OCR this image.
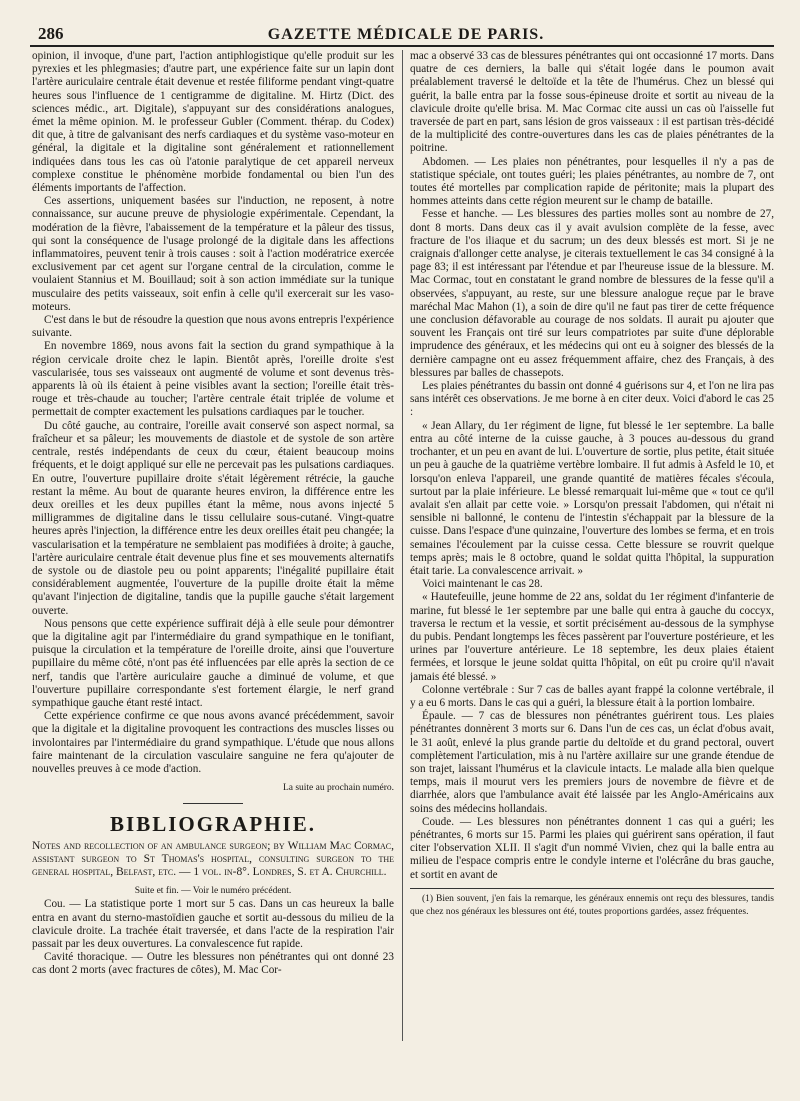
286	GAZETTE MÉDICALE DE PARIS.

opinion, il invoque, d'une part, l'action antiphlogistique qu'elle produit sur les pyrexies et les phlegmasies; d'autre part, une expérience faite sur un lapin dont l'artère auriculaire centrale était devenue et restée filiforme pendant vingt-quatre heures sous l'influence de 1 centigramme de digitaline. M. Hirtz (Dict. des sciences médic., art. Digitale), s'appuyant sur des considérations analogues, émet la même opinion. M. le professeur Gubler (Comment. thérap. du Codex) dit que, à titre de galvanisant des nerfs cardiaques et du système vaso-moteur en général, la digitale et la digitaline sont généralement et rationnellement indiquées dans tous les cas où l'atonie paralytique de cet appareil nerveux complexe constitue le phénomène morbide fondamental ou bien l'un des éléments importants de l'affection.

Ces assertions, uniquement basées sur l'induction, ne reposent, à notre connaissance, sur aucune preuve de physiologie expérimentale. Cependant, la modération de la fièvre, l'abaissement de la température et la pâleur des tissus, qui sont la conséquence de l'usage prolongé de la digitale dans les affections inflammatoires, peuvent tenir à trois causes : soit à l'action modératrice exercée exclusivement par cet agent sur l'organe central de la circulation, comme le voulaient Stannius et M. Bouillaud; soit à son action immédiate sur la tunique musculaire des petits vaisseaux, soit enfin à celle qu'il exercerait sur les vaso-moteurs.

C'est dans le but de résoudre la question que nous avons entrepris l'expérience suivante.

En novembre 1869, nous avons fait la section du grand sympathique à la région cervicale droite chez le lapin. Bientôt après, l'oreille droite s'est vascularisée, tous ses vaisseaux ont augmenté de volume et sont devenus très-apparents là où ils étaient à peine visibles avant la section; l'oreille était très-rouge et très-chaude au toucher; l'artère centrale était triplée de volume et permettait de compter exactement les pulsations cardiaques par le toucher.

Du côté gauche, au contraire, l'oreille avait conservé son aspect normal, sa fraîcheur et sa pâleur; les mouvements de diastole et de systole de son artère centrale, restés indépendants de ceux du cœur, étaient beaucoup moins fréquents, et le doigt appliqué sur elle ne percevait pas les pulsations cardiaques. En outre, l'ouverture pupillaire droite s'était légèrement rétrécie, la gauche restant la même. Au bout de quarante heures environ, la différence entre les deux oreilles et les deux pupilles étant la même, nous avons injecté 5 milligrammes de digitaline dans le tissu cellulaire sous-cutané. Vingt-quatre heures après l'injection, la différence entre les deux oreilles était peu changée; la vascularisation et la température ne semblaient pas modifiées à droite; à gauche, l'artère auriculaire centrale était devenue plus fine et ses mouvements alternatifs de systole ou de diastole peu ou point apparents; l'inégalité pupillaire était considérablement augmentée, l'ouverture de la pupille droite était la même qu'avant l'injection de digitaline, tandis que la pupille gauche s'était largement ouverte.

Nous pensons que cette expérience suffirait déjà à elle seule pour démontrer que la digitaline agit par l'intermédiaire du grand sympathique en le tonifiant, puisque la circulation et la température de l'oreille droite, ainsi que l'ouverture pupillaire du même côté, n'ont pas été influencées par elle après la section de ce nerf, tandis que l'artère auriculaire gauche a diminué de volume, et que l'ouverture pupillaire correspondante s'est fortement élargie, le nerf grand sympathique gauche étant resté intact.

Cette expérience confirme ce que nous avons avancé précédemment, savoir que la digitale et la digitaline provoquent les contractions des muscles lisses ou involontaires par l'intermédiaire du grand sympathique. L'étude que nous allons faire maintenant de la circulation vasculaire sanguine ne fera qu'ajouter de nouvelles preuves à ce mode d'action.

La suite au prochain numéro.

BIBLIOGRAPHIE.

Notes and recollection of an ambulance surgeon; by William Mac Cormac, assistant surgeon to St Thomas's hospital, consulting surgeon to the general hospital, Belfast, etc. — 1 vol. in-8°. Londres, S. et A. Churchill.

Suite et fin. — Voir le numéro précédent.

Cou. — La statistique porte 1 mort sur 5 cas. Dans un cas heureux la balle entra en avant du sterno-mastoïdien gauche et sortit au-dessous du milieu de la clavicule droite. La trachée était traversée, et dans l'acte de la respiration l'air passait par les deux ouvertures. La convalescence fut rapide.

Cavité thoracique. — Outre les blessures non pénétrantes qui ont donné 23 cas dont 2 morts (avec fractures de côtes), M. Mac Cor-

mac a observé 33 cas de blessures pénétrantes qui ont occasionné 17 morts. Dans quatre de ces derniers, la balle qui s'était logée dans le poumon avait préalablement traversé le deltoïde et la tête de l'humérus. Chez un blessé qui guérit, la balle entra par la fosse sous-épineuse droite et sortit au niveau de la clavicule droite qu'elle brisa. M. Mac Cormac cite aussi un cas où l'aisselle fut traversée de part en part, sans lésion de gros vaisseaux : il est partisan très-décidé de la multiplicité des contre-ouvertures dans les cas de plaies pénétrantes de la poitrine.

Abdomen. — Les plaies non pénétrantes, pour lesquelles il n'y a pas de statistique spéciale, ont toutes guéri; les plaies pénétrantes, au nombre de 7, ont toutes été mortelles par complication rapide de péritonite; mais la plupart des hommes atteints dans cette région meurent sur le champ de bataille.

Fesse et hanche. — Les blessures des parties molles sont au nombre de 27, dont 8 morts. Dans deux cas il y avait avulsion complète de la fesse, avec fracture de l'os iliaque et du sacrum; un des deux blessés est mort. Si je ne craignais d'allonger cette analyse, je citerais textuellement le cas 34 consigné à la page 83; il est intéressant par l'étendue et par l'heureuse issue de la blessure. M. Mac Cormac, tout en constatant le grand nombre de blessures de la fesse qu'il a observées, s'appuyant, au reste, sur une blessure analogue reçue par le brave maréchal Mac Mahon (1), a soin de dire qu'il ne faut pas tirer de cette fréquence une conclusion défavorable au courage de nos soldats. Il aurait pu ajouter que souvent les Français ont tiré sur leurs compatriotes par suite d'une déplorable imprudence des généraux, et les médecins qui ont eu à soigner des blessés de la dernière campagne ont eu assez fréquemment affaire, chez des Français, à des blessures par balles de chassepots.

Les plaies pénétrantes du bassin ont donné 4 guérisons sur 4, et l'on ne lira pas sans intérêt ces observations. Je me borne à en citer deux. Voici d'abord le cas 25 :

« Jean Allary, du 1er régiment de ligne, fut blessé le 1er septembre. La balle entra au côté interne de la cuisse gauche, à 3 pouces au-dessous du grand trochanter, et un peu en avant de lui. L'ouverture de sortie, plus petite, était située un peu à gauche de la quatrième vertèbre lombaire. Il fut admis à Asfeld le 10, et lorsqu'on enleva l'appareil, une grande quantité de matières fécales s'écoula, surtout par la plaie inférieure. Le blessé remarquait lui-même que « tout ce qu'il avalait s'en allait par cette voie. » Lorsqu'on pressait l'abdomen, qui n'était ni sensible ni ballonné, le contenu de l'intestin s'échappait par la blessure de la cuisse. Dans l'espace d'une quinzaine, l'ouverture des lombes se ferma, et en trois semaines l'écoulement par la cuisse cessa. Cette blessure se rouvrit quelque temps après; mais le 8 octobre, quand le soldat quitta l'hôpital, la suppuration était tarie. La convalescence arrivait. »

Voici maintenant le cas 28.

« Hautefeuille, jeune homme de 22 ans, soldat du 1er régiment d'infanterie de marine, fut blessé le 1er septembre par une balle qui entra à gauche du coccyx, traversa le rectum et la vessie, et sortit précisément au-dessous de la symphyse du pubis. Pendant longtemps les fèces passèrent par l'ouverture postérieure, et les urines par l'ouverture antérieure. Le 18 septembre, les deux plaies étaient fermées, et lorsque le jeune soldat quitta l'hôpital, on eût pu croire qu'il n'avait jamais été blessé. »

Colonne vertébrale : Sur 7 cas de balles ayant frappé la colonne vertébrale, il y a eu 6 morts. Dans le cas qui a guéri, la blessure était à la portion lombaire.

Épaule. — 7 cas de blessures non pénétrantes guérirent tous. Les plaies pénétrantes donnèrent 3 morts sur 6. Dans l'un de ces cas, un éclat d'obus avait, le 31 août, enlevé la plus grande partie du deltoïde et du grand pectoral, ouvert complètement l'articulation, mis à nu l'artère axillaire sur une grande étendue de son trajet, laissant l'humérus et la clavicule intacts. Le malade alla bien quelque temps, mais il mourut vers les premiers jours de novembre de fièvre et de diarrhée, alors que l'ambulance avait été laissée par les Anglo-Américains aux soins des médecins hollandais.

Coude. — Les blessures non pénétrantes donnent 1 cas qui a guéri; les pénétrantes, 6 morts sur 15. Parmi les plaies qui guérirent sans opération, il faut citer l'observation XLII. Il s'agit d'un nommé Vivien, chez qui la balle entra au milieu de l'espace compris entre le condyle interne et l'olécrâne du bras gauche, et sortit en avant de

(1) Bien souvent, j'en fais la remarque, les généraux ennemis ont reçu des blessures, tandis que chez nos généraux les blessures ont été, toutes proportions gardées, assez fréquentes.
